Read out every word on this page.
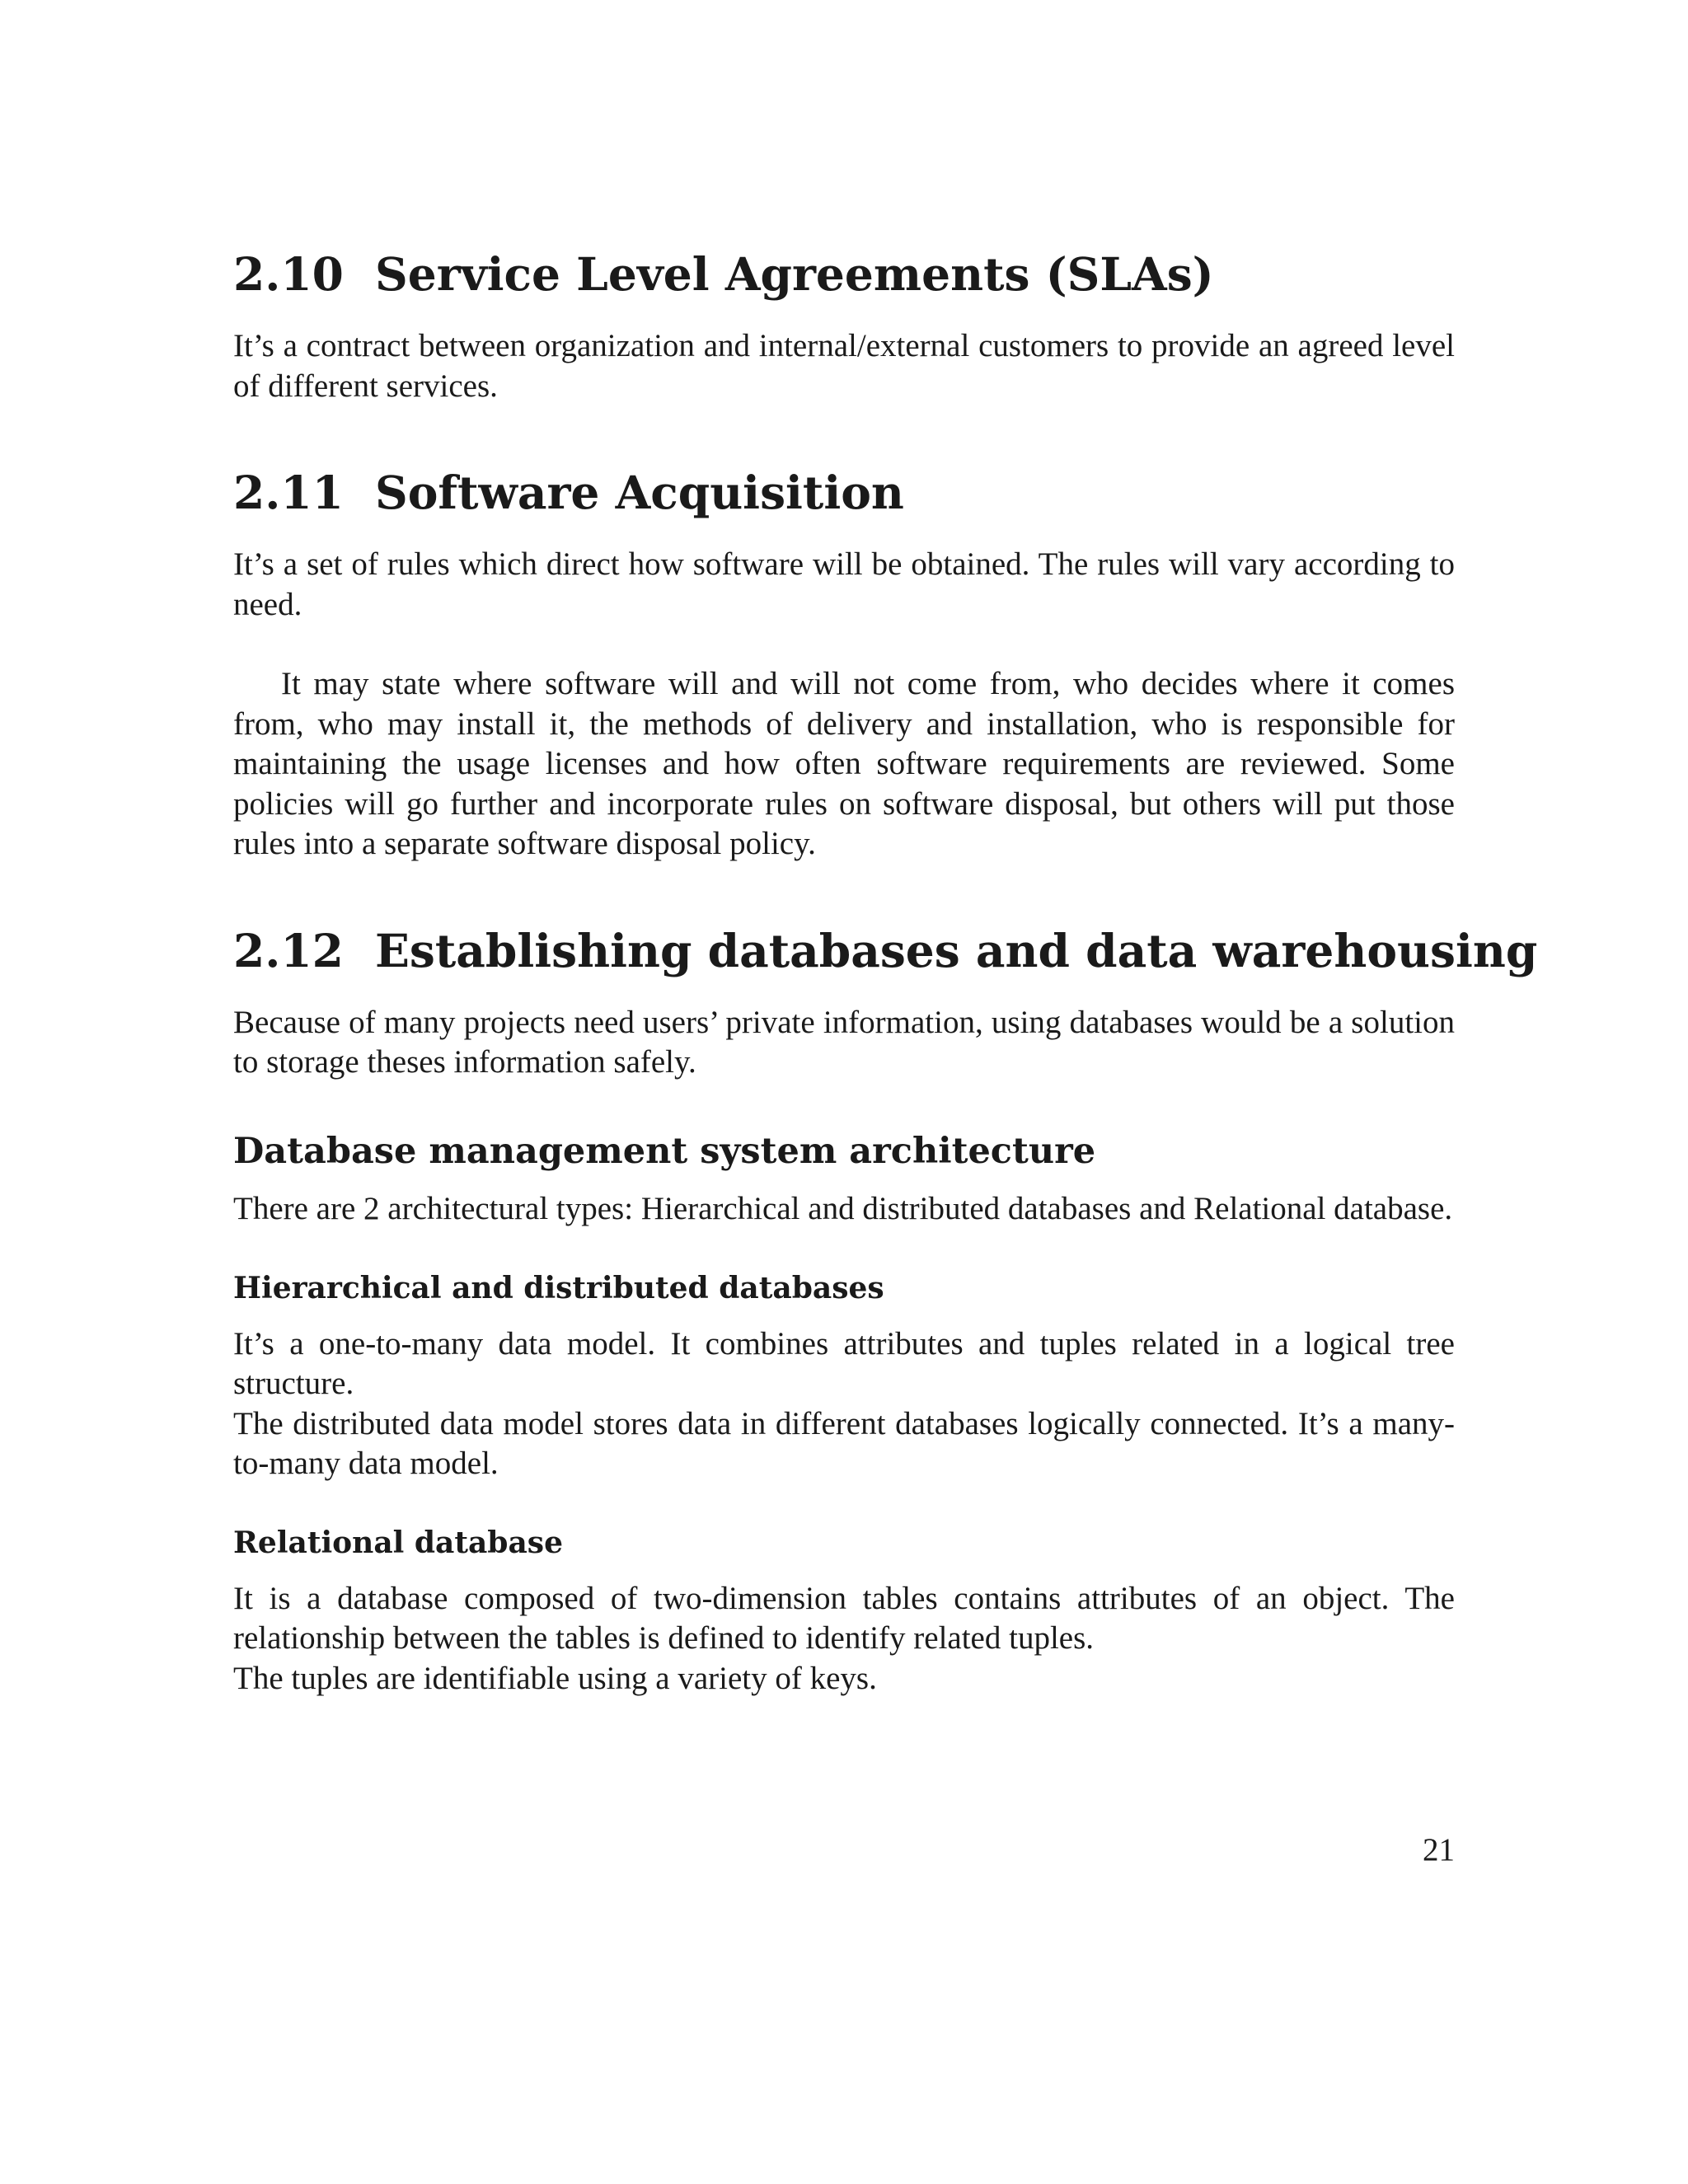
2.10 Service Level Agreements (SLAs)

It’s a contract between organization and internal/external customers to provide an agreed level of different services.

2.11 Software Acquisition

It’s a set of rules which direct how software will be obtained. The rules will vary according to need.

It may state where software will and will not come from, who decides where it comes from, who may install it, the methods of delivery and installation, who is responsible for maintaining the usage licenses and how often software requirements are reviewed. Some policies will go further and incorporate rules on software disposal, but others will put those rules into a separate software disposal policy.

2.12 Establishing databases and data warehousing

Because of many projects need users’ private information, using databases would be a solution to storage theses information safely.

Database management system architecture

There are 2 architectural types: Hierarchical and distributed databases and Relational database.

Hierarchical and distributed databases

It’s a one-to-many data model. It combines attributes and tuples related in a logical tree structure.
The distributed data model stores data in different databases logically connected. It’s a many-to-many data model.

Relational database

It is a database composed of two-dimension tables contains attributes of an object. The relationship between the tables is defined to identify related tuples.
The tuples are identifiable using a variety of keys.

21
